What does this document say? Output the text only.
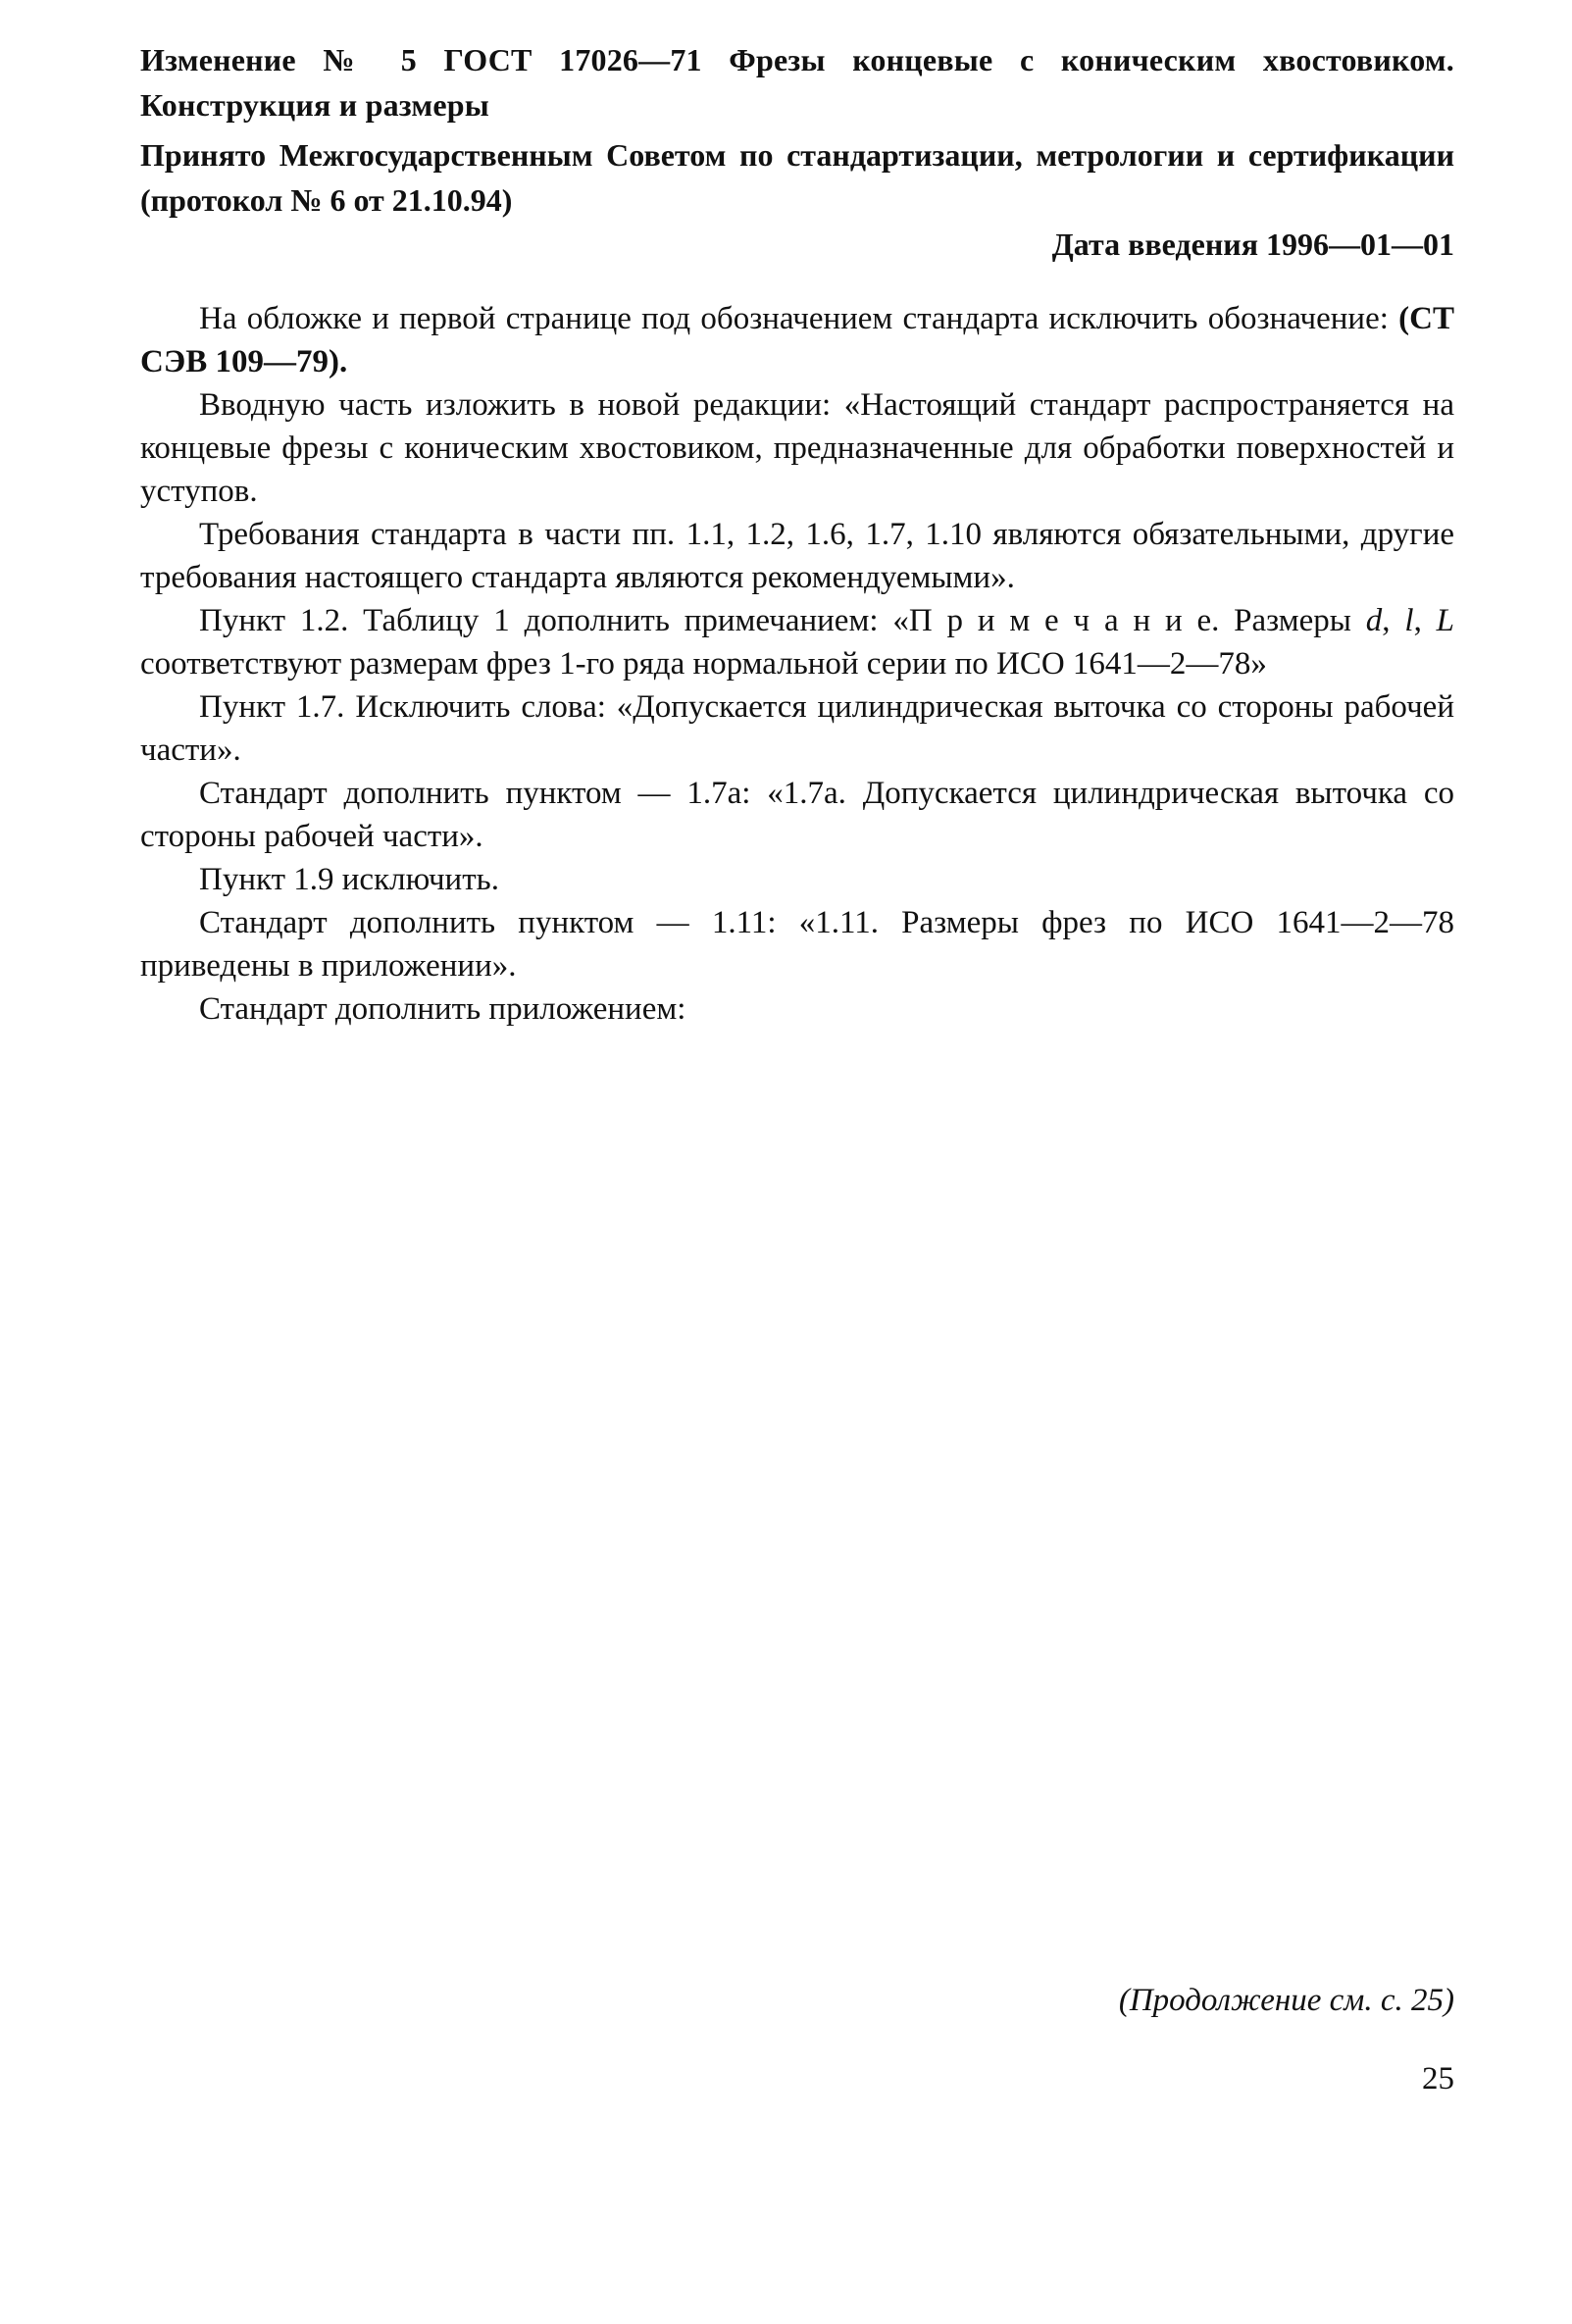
Изменение № 5 ГОСТ 17026—71 Фрезы концевые с коническим хвостовиком. Конструкция и размеры
Принято Межгосударственным Советом по стандартизации, метрологии и сертификации (протокол № 6 от 21.10.94)
Дата введения 1996—01—01

На обложке и первой странице под обозначением стандарта исключить обозначение: (СТ СЭВ 109—79).

Вводную часть изложить в новой редакции: «Настоящий стандарт распространяется на концевые фрезы с коническим хвостовиком, предназначенные для обработки поверхностей и уступов.

Требования стандарта в части пп. 1.1, 1.2, 1.6, 1.7, 1.10 являются обязательными, другие требования настоящего стандарта являются рекомендуемыми».

Пункт 1.2. Таблицу 1 дополнить примечанием: «П р и м е ч а н и е. Размеры d, l, L соответствуют размерам фрез 1-го ряда нормальной серии по ИСО 1641—2—78»

Пункт 1.7. Исключить слова: «Допускается цилиндрическая выточка со стороны рабочей части».

Стандарт дополнить пунктом — 1.7а: «1.7а. Допускается цилиндрическая выточка со стороны рабочей части».

Пункт 1.9 исключить.

Стандарт дополнить пунктом — 1.11: «1.11. Размеры фрез по ИСО 1641—2—78 приведены в приложении».

Стандарт дополнить приложением:

(Продолжение см. с. 25)
25
